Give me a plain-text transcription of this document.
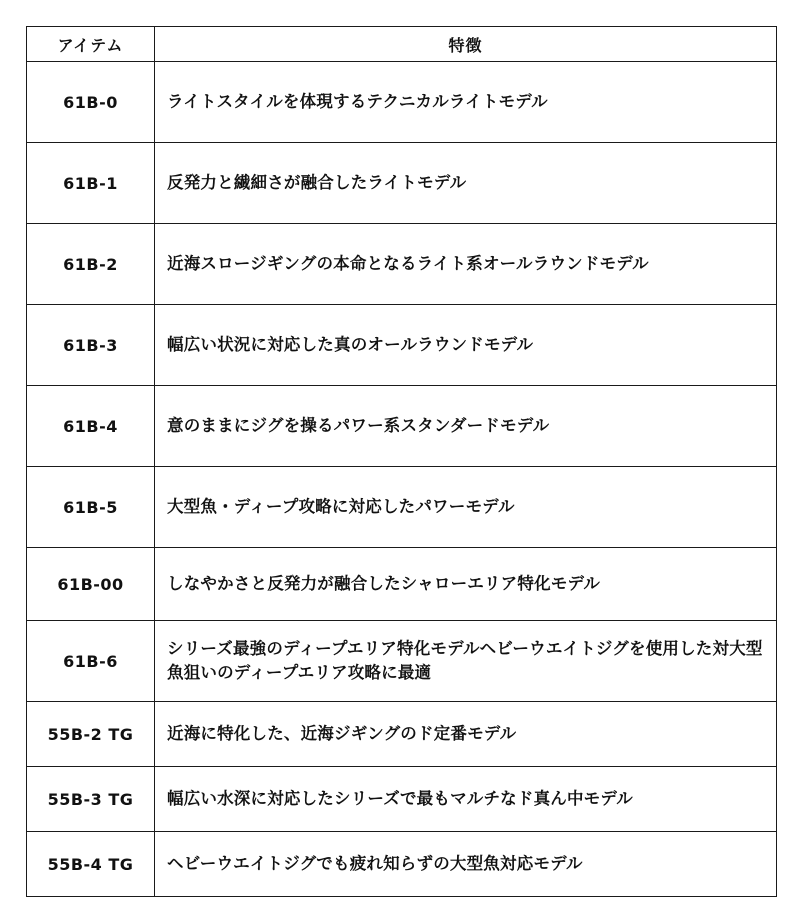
アイテム	特徴
61B-0	ライトスタイルを体現するテクニカルライトモデル
61B-1	反発力と繊細さが融合したライトモデル
61B-2	近海スロージギングの本命となるライト系オールラウンドモデル
61B-3	幅広い状況に対応した真のオールラウンドモデル
61B-4	意のままにジグを操るパワー系スタンダードモデル
61B-5	大型魚・ディープ攻略に対応したパワーモデル
61B-00	しなやかさと反発力が融合したシャローエリア特化モデル
61B-6	シリーズ最強のディープエリア特化モデルヘビーウエイトジグを使用した対大型魚狙いのディープエリア攻略に最適
55B-2 TG	近海に特化した、近海ジギングのド定番モデル
55B-3 TG	幅広い水深に対応したシリーズで最もマルチなド真ん中モデル
55B-4 TG	ヘビーウエイトジグでも疲れ知らずの大型魚対応モデル
